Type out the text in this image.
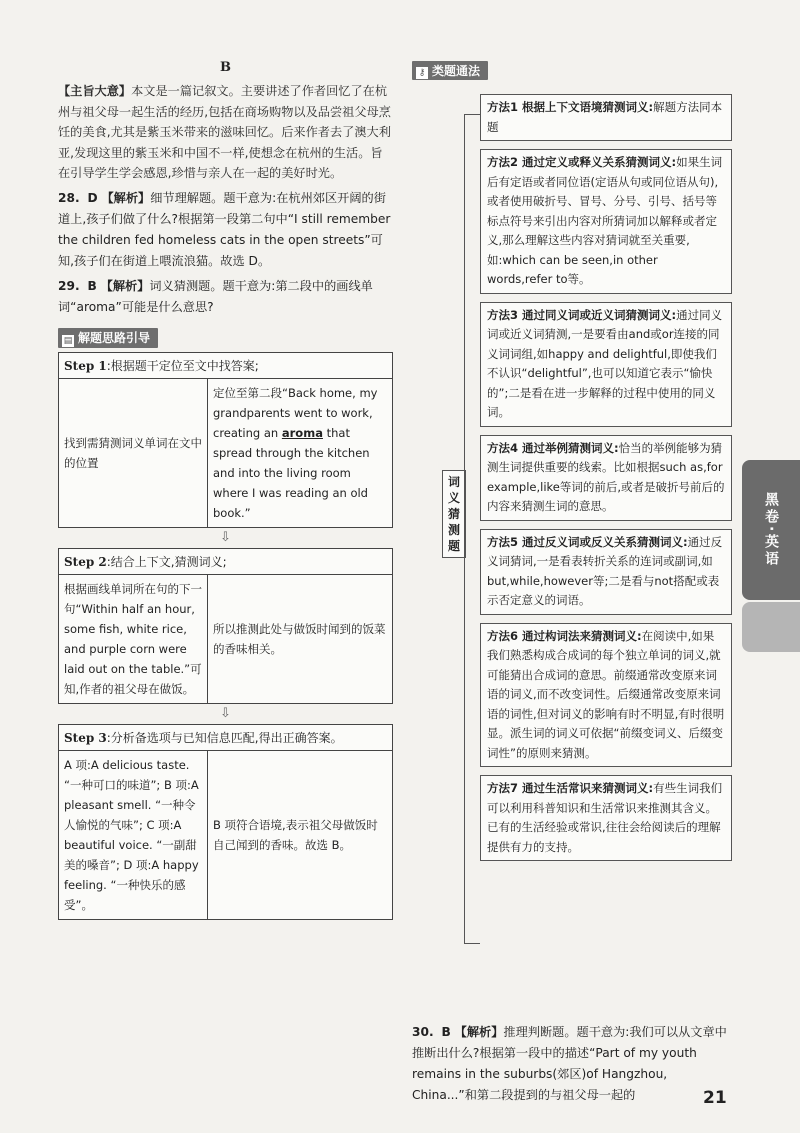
B

【主旨大意】本文是一篇记叙文。主要讲述了作者回忆了在杭州与祖父母一起生活的经历,包括在商场购物以及品尝祖父母烹饪的美食,尤其是紫玉米带来的滋味回忆。后来作者去了澳大利亚,发现这里的紫玉米和中国不一样,使想念在杭州的生活。旨在引导学生学会感恩,珍惜与亲人在一起的美好时光。

28. D 【解析】细节理解题。题干意为:在杭州郊区开阔的街道上,孩子们做了什么?根据第一段第二句中“I still remember the children fed homeless cats in the open streets”可知,孩子们在街道上喂流浪猫。故选 D。

29. B 【解析】词义猜测题。题干意为:第二段中的画线单词“aroma”可能是什么意思?

▤ 解题思路引导
Step 1:根据题干定位至文中找答案;
找到需猜测词义单词在文中的位置	定位至第二段“Back home, my grandparents went to work, creating an aroma that spread through the kitchen and into the living room where I was reading an old book.”
⇩
Step 2:结合上下文,猜测词义;
根据画线单词所在句的下一句“Within half an hour, some fish, white rice, and purple corn were laid out on the table.”可知,作者的祖父母在做饭。	所以推测此处与做饭时闻到的饭菜的香味相关。
⇩
Step 3:分析备选项与已知信息匹配,得出正确答案。
A 项:A delicious taste. “一种可口的味道”; B 项:A pleasant smell. “一种令人愉悦的气味”; C 项:A beautiful voice. “一副甜美的嗓音”; D 项:A happy feeling. “一种快乐的感受”。	B 项符合语境,表示祖父母做饭时自己闻到的香味。故选 B。
⚷ 类题通法
词义猜测题
方法1 根据上下文语境猜测词义:解题方法同本题
方法2 通过定义或释义关系猜测词义:如果生词后有定语或者同位语(定语从句或同位语从句),或者使用破折号、冒号、分号、引号、括号等标点符号来引出内容对所猜词加以解释或者定义,那么理解这些内容对猜词就至关重要,如:which can be seen,in other words,refer to等。
方法3 通过同义词或近义词猜测词义:通过同义词或近义词猜测,一是要看由and或or连接的同义词词组,如happy and delightful,即使我们不认识“delightful”,也可以知道它表示“愉快的”;二是看在进一步解释的过程中使用的同义词。
方法4 通过举例猜测词义:恰当的举例能够为猜测生词提供重要的线索。比如根据such as,for example,like等词的前后,或者是破折号前后的内容来猜测生词的意思。
方法5 通过反义词或反义关系猜测词义:通过反义词猜词,一是看表转折关系的连词或副词,如but,while,however等;二是看与not搭配或表示否定意义的词语。
方法6 通过构词法来猜测词义:在阅读中,如果我们熟悉构成合成词的每个独立单词的词义,就可能猜出合成词的意思。前缀通常改变原来词语的词义,而不改变词性。后缀通常改变原来词语的词性,但对词义的影响有时不明显,有时很明显。派生词的词义可依据“前缀变词义、后缀变词性”的原则来猜测。
方法7 通过生活常识来猜测词义:有些生词我们可以利用科普知识和生活常识来推测其含义。已有的生活经验或常识,往往会给阅读后的理解提供有力的支持。

30. B 【解析】推理判断题。题干意为:我们可以从文章中推断出什么?根据第一段中的描述“Part of my youth remains in the suburbs(郊区)of Hangzhou, China...”和第二段提到的与祖父母一起的

黑卷·英语
21
